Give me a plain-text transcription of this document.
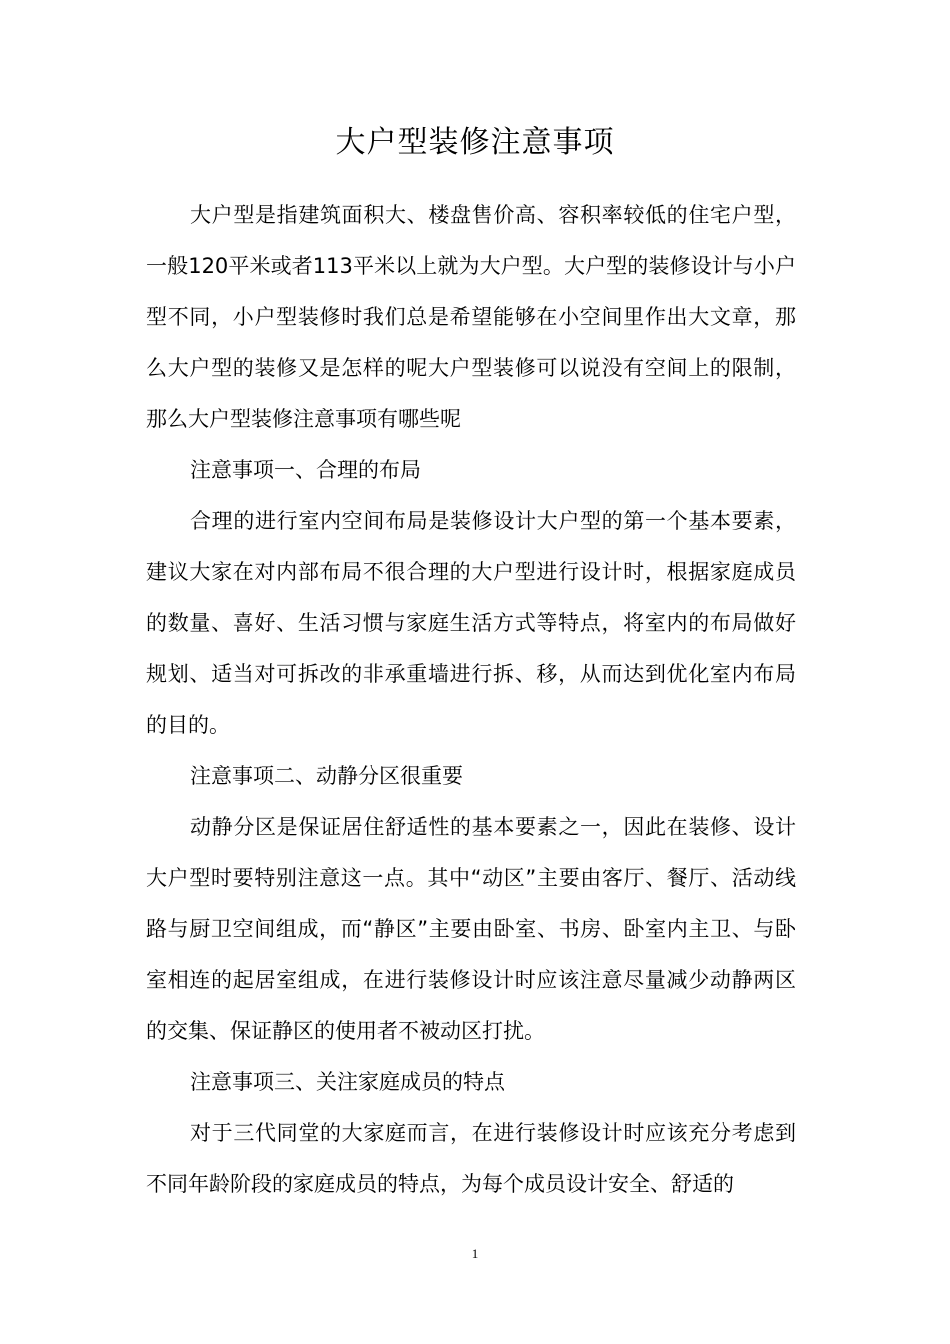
大户型装修注意事项

大户型是指建筑面积大、楼盘售价高、容积率较低的住宅户型，一般120平米或者113平米以上就为大户型。大户型的装修设计与小户型不同，小户型装修时我们总是希望能够在小空间里作出大文章，那么大户型的装修又是怎样的呢大户型装修可以说没有空间上的限制，那么大户型装修注意事项有哪些呢

注意事项一、合理的布局

合理的进行室内空间布局是装修设计大户型的第一个基本要素，建议大家在对内部布局不很合理的大户型进行设计时，根据家庭成员的数量、喜好、生活习惯与家庭生活方式等特点，将室内的布局做好规划、适当对可拆改的非承重墙进行拆、移，从而达到优化室内布局的目的。

注意事项二、动静分区很重要

动静分区是保证居住舒适性的基本要素之一，因此在装修、设计大户型时要特别注意这一点。其中“动区”主要由客厅、餐厅、活动线路与厨卫空间组成，而“静区”主要由卧室、书房、卧室内主卫、与卧室相连的起居室组成，在进行装修设计时应该注意尽量减少动静两区的交集、保证静区的使用者不被动区打扰。

注意事项三、关注家庭成员的特点

对于三代同堂的大家庭而言，在进行装修设计时应该充分考虑到不同年龄阶段的家庭成员的特点，为每个成员设计安全、舒适的

1
